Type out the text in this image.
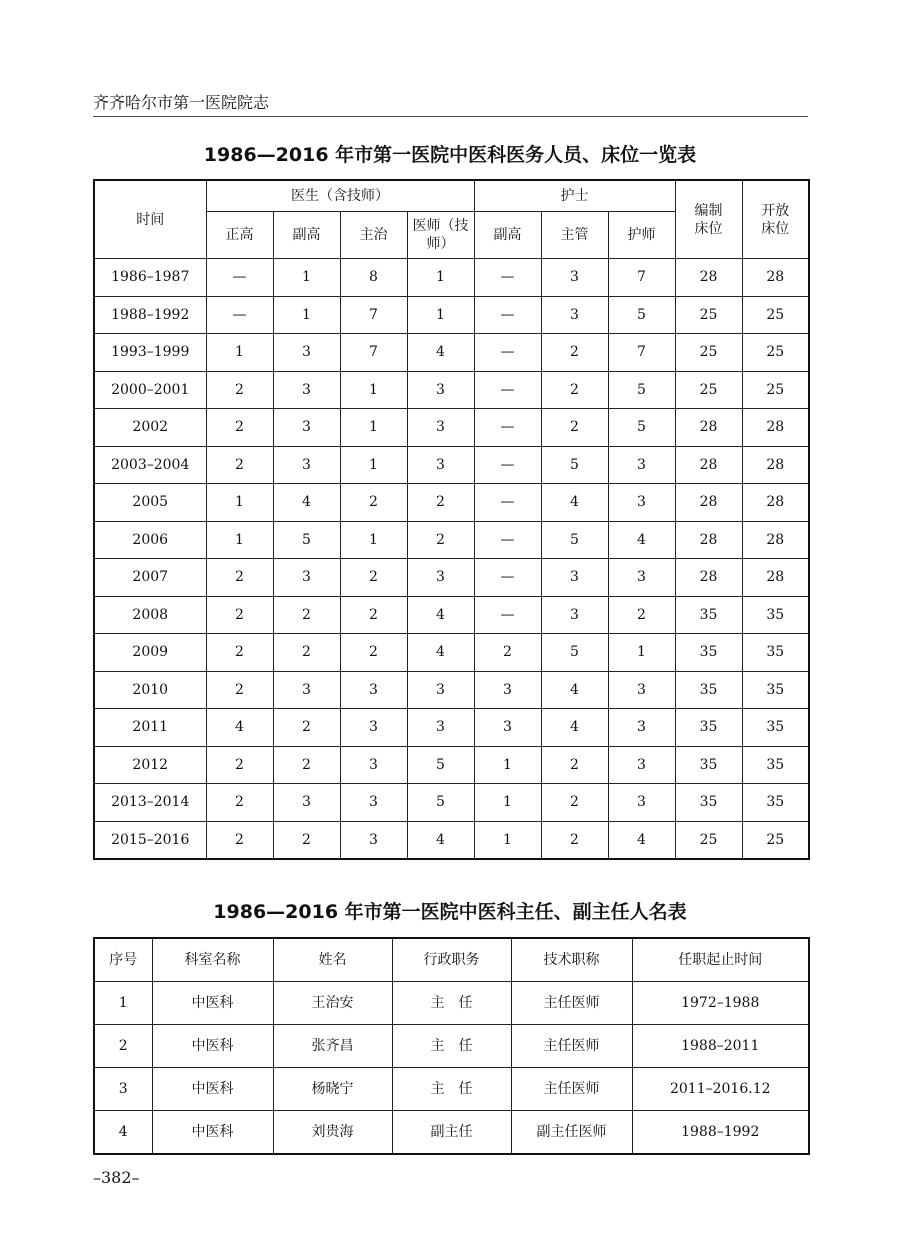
齐齐哈尔市第一医院院志
1986—2016 年市第一医院中医科医务人员、床位一览表
时间	医生（含技师）				护士			编制床位	开放床位
	正高	副高	主治	医师（技师）	副高	主管	护师		
1986–1987	—	1	8	1	—	3	7	28	28
1988–1992	—	1	7	1	—	3	5	25	25
1993–1999	1	3	7	4	—	2	7	25	25
2000–2001	2	3	1	3	—	2	5	25	25
2002	2	3	1	3	—	2	5	28	28
2003–2004	2	3	1	3	—	5	3	28	28
2005	1	4	2	2	—	4	3	28	28
2006	1	5	1	2	—	5	4	28	28
2007	2	3	2	3	—	3	3	28	28
2008	2	2	2	4	—	3	2	35	35
2009	2	2	2	4	2	5	1	35	35
2010	2	3	3	3	3	4	3	35	35
2011	4	2	3	3	3	4	3	35	35
2012	2	2	3	5	1	2	3	35	35
2013–2014	2	3	3	5	1	2	3	35	35
2015–2016	2	2	3	4	1	2	4	25	25
1986—2016 年市第一医院中医科主任、副主任人名表
序号	科室名称	姓名	行政职务	技术职称	任职起止时间
1	中医科	王治安	主　任	主任医师	1972–1988
2	中医科	张齐昌	主　任	主任医师	1988–2011
3	中医科	杨晓宁	主　任	主任医师	2011–2016.12
4	中医科	刘贵海	副主任	副主任医师	1988–1992
–382–
